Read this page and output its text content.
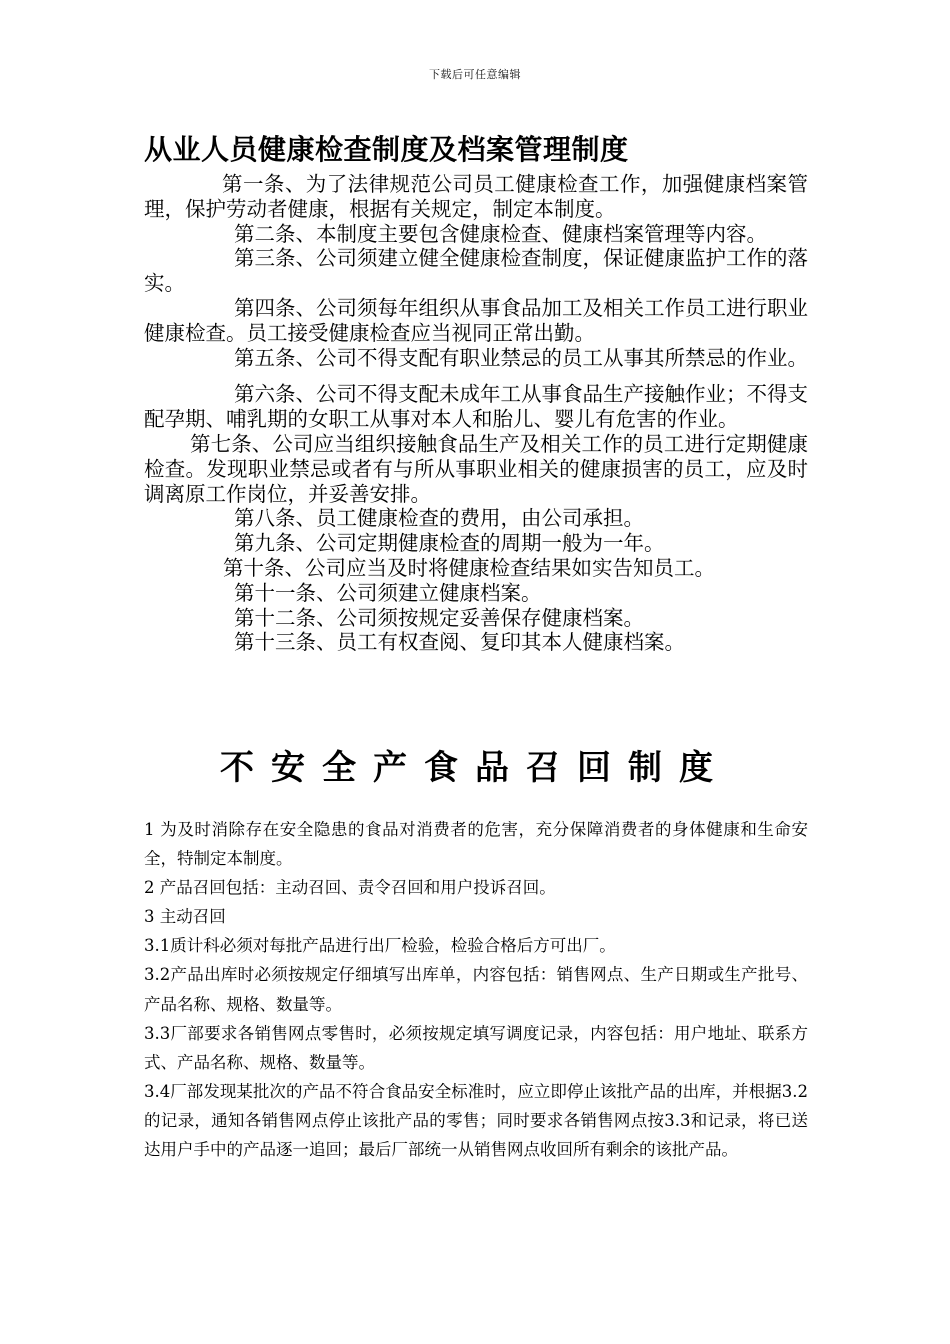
下载后可任意编辑
从业人员健康检查制度及档案管理制度

第一条、为了法律规范公司员工健康检查工作，加强健康档案管理，保护劳动者健康，根据有关规定，制定本制度。

第二条、本制度主要包含健康检查、健康档案管理等内容。

第三条、公司须建立健全健康检查制度，保证健康监护工作的落实。

第四条、公司须每年组织从事食品加工及相关工作员工进行职业健康检查。员工接受健康检查应当视同正常出勤。

第五条、公司不得支配有职业禁忌的员工从事其所禁忌的作业。

第六条、公司不得支配未成年工从事食品生产接触作业；不得支配孕期、哺乳期的女职工从事对本人和胎儿、婴儿有危害的作业。

第七条、公司应当组织接触食品生产及相关工作的员工进行定期健康检查。发现职业禁忌或者有与所从事职业相关的健康损害的员工，应及时调离原工作岗位，并妥善安排。

第八条、员工健康检查的费用，由公司承担。

第九条、公司定期健康检查的周期一般为一年。

第十条、公司应当及时将健康检查结果如实告知员工。

第十一条、公司须建立健康档案。

第十二条、公司须按规定妥善保存健康档案。

第十三条、员工有权查阅、复印其本人健康档案。

不安全产食品召回制度

1 为及时消除存在安全隐患的食品对消费者的危害，充分保障消费者的身体健康和生命安全，特制定本制度。

2 产品召回包括：主动召回、责令召回和用户投诉召回。

3 主动召回

3.1质计科必须对每批产品进行出厂检验，检验合格后方可出厂。

3.2产品出库时必须按规定仔细填写出库单，内容包括：销售网点、生产日期或生产批号、产品名称、规格、数量等。

3.3厂部要求各销售网点零售时，必须按规定填写调度记录，内容包括：用户地址、联系方式、产品名称、规格、数量等。

3.4厂部发现某批次的产品不符合食品安全标准时，应立即停止该批产品的出库，并根据3.2的记录，通知各销售网点停止该批产品的零售；同时要求各销售网点按3.3和记录，将已送达用户手中的产品逐一追回；最后厂部统一从销售网点收回所有剩余的该批产品。
